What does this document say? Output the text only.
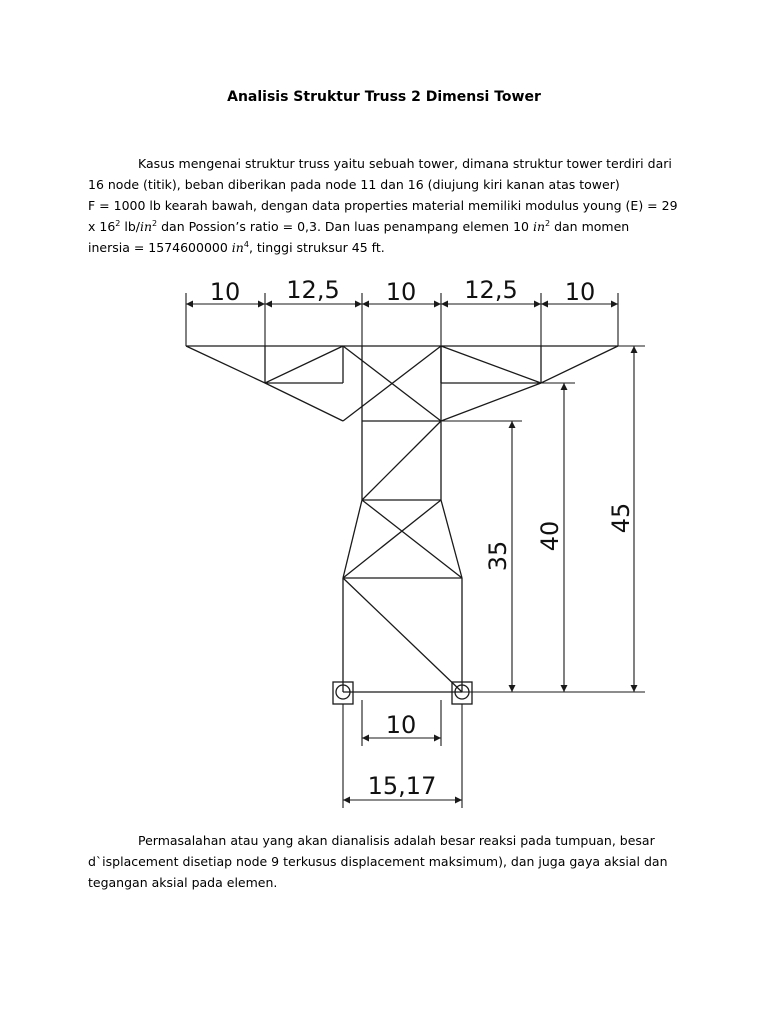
Analisis Struktur Truss 2 Dimensi Tower
Kasus mengenai struktur truss yaitu sebuah tower, dimana struktur tower terdiri dari
16 node (titik), beban diberikan pada node 11 dan 16 (diujung kiri kanan atas tower)
F = 1000 lb kearah bawah, dengan data properties material memiliki modulus young (E) = 29
x $16^2$ $lb/in^2$ dan Possion’s ratio = 0,3. Dan luas penampang elemen 10 $in^2$ dan momen
inersia = 1574600000 $in^4$, tinggi struksur 45 ft.
10 12,5 10 12,5 10
35
40
45
10
15,17
Permasalahan atau yang akan dianalisis adalah besar reaksi pada tumpuan, besar
d`isplacement disetiap node 9 terkusus displacement maksimum), dan juga gaya aksial dan
tegangan aksial pada elemen.
